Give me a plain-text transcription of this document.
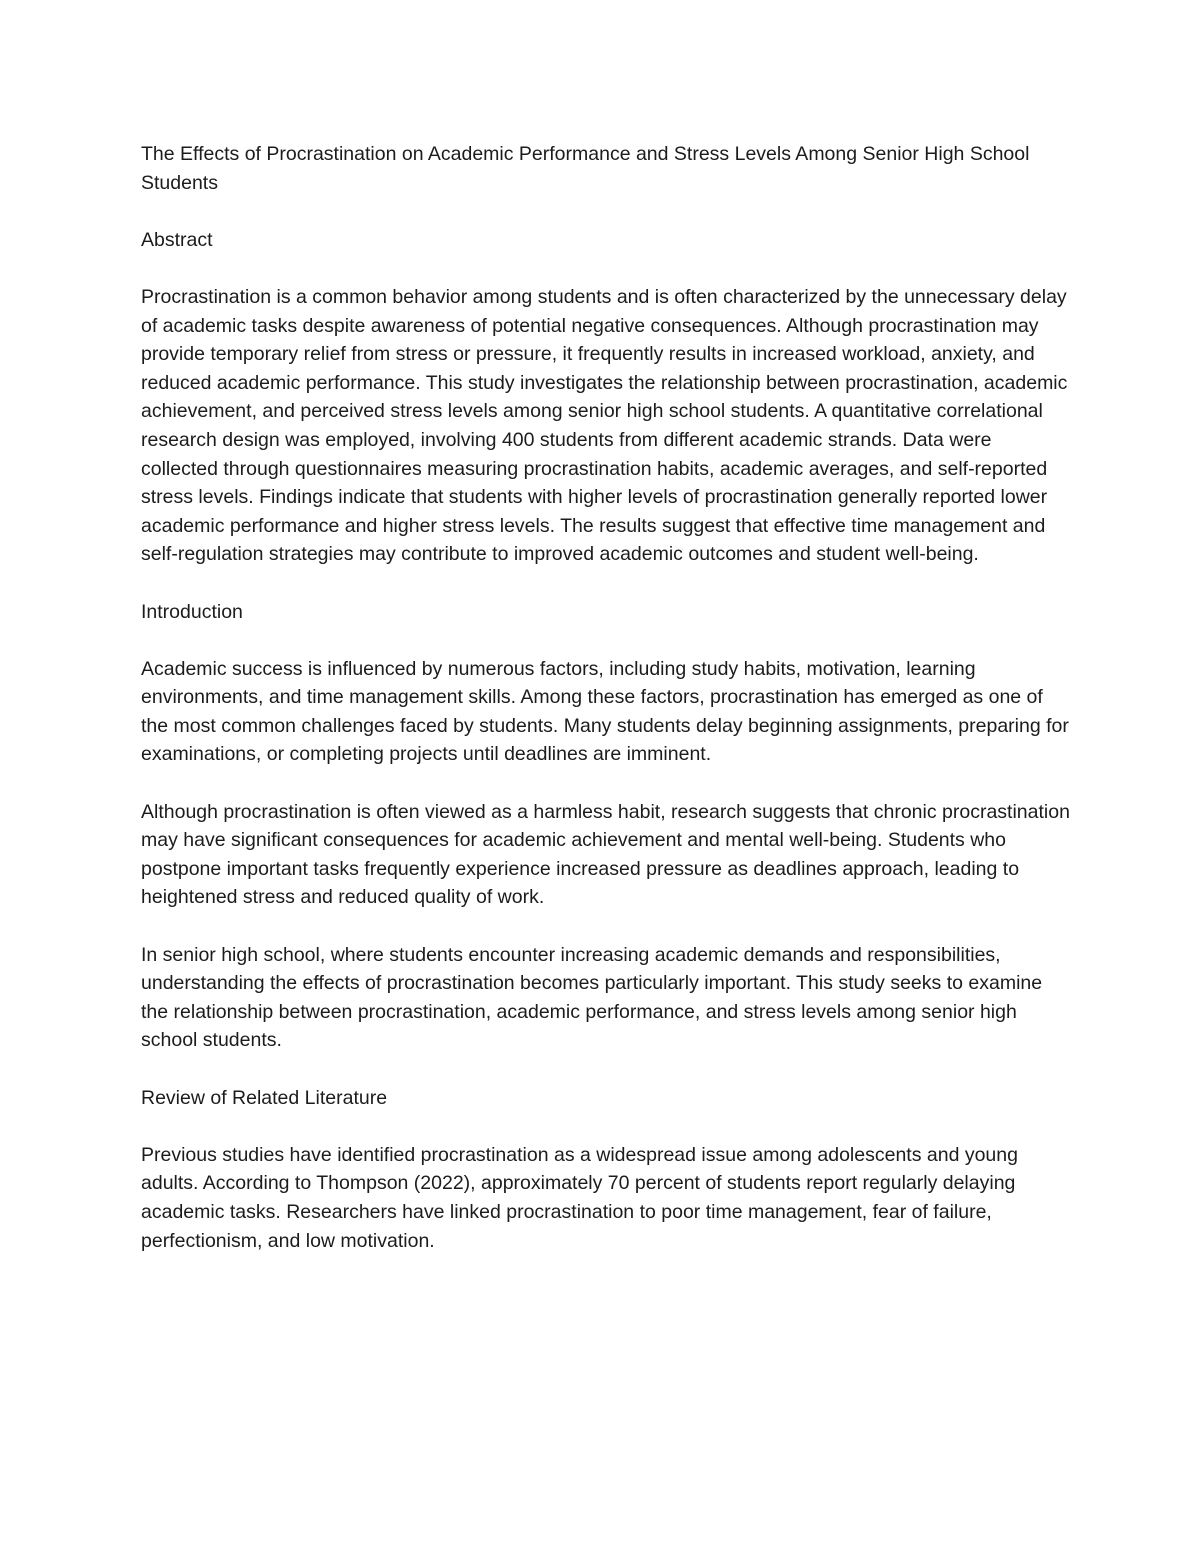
The Effects of Procrastination on Academic Performance and Stress Levels Among Senior High School Students

Abstract

Procrastination is a common behavior among students and is often characterized by the unnecessary delay of academic tasks despite awareness of potential negative consequences. Although procrastination may provide temporary relief from stress or pressure, it frequently results in increased workload, anxiety, and reduced academic performance. This study investigates the relationship between procrastination, academic achievement, and perceived stress levels among senior high school students. A quantitative correlational research design was employed, involving 400 students from different academic strands. Data were collected through questionnaires measuring procrastination habits, academic averages, and self-reported stress levels. Findings indicate that students with higher levels of procrastination generally reported lower academic performance and higher stress levels. The results suggest that effective time management and self-regulation strategies may contribute to improved academic outcomes and student well-being.

Introduction

Academic success is influenced by numerous factors, including study habits, motivation, learning environments, and time management skills. Among these factors, procrastination has emerged as one of the most common challenges faced by students. Many students delay beginning assignments, preparing for examinations, or completing projects until deadlines are imminent.

Although procrastination is often viewed as a harmless habit, research suggests that chronic procrastination may have significant consequences for academic achievement and mental well-being. Students who postpone important tasks frequently experience increased pressure as deadlines approach, leading to heightened stress and reduced quality of work.

In senior high school, where students encounter increasing academic demands and responsibilities, understanding the effects of procrastination becomes particularly important. This study seeks to examine the relationship between procrastination, academic performance, and stress levels among senior high school students.

Review of Related Literature

Previous studies have identified procrastination as a widespread issue among adolescents and young adults. According to Thompson (2022), approximately 70 percent of students report regularly delaying academic tasks. Researchers have linked procrastination to poor time management, fear of failure, perfectionism, and low motivation.
